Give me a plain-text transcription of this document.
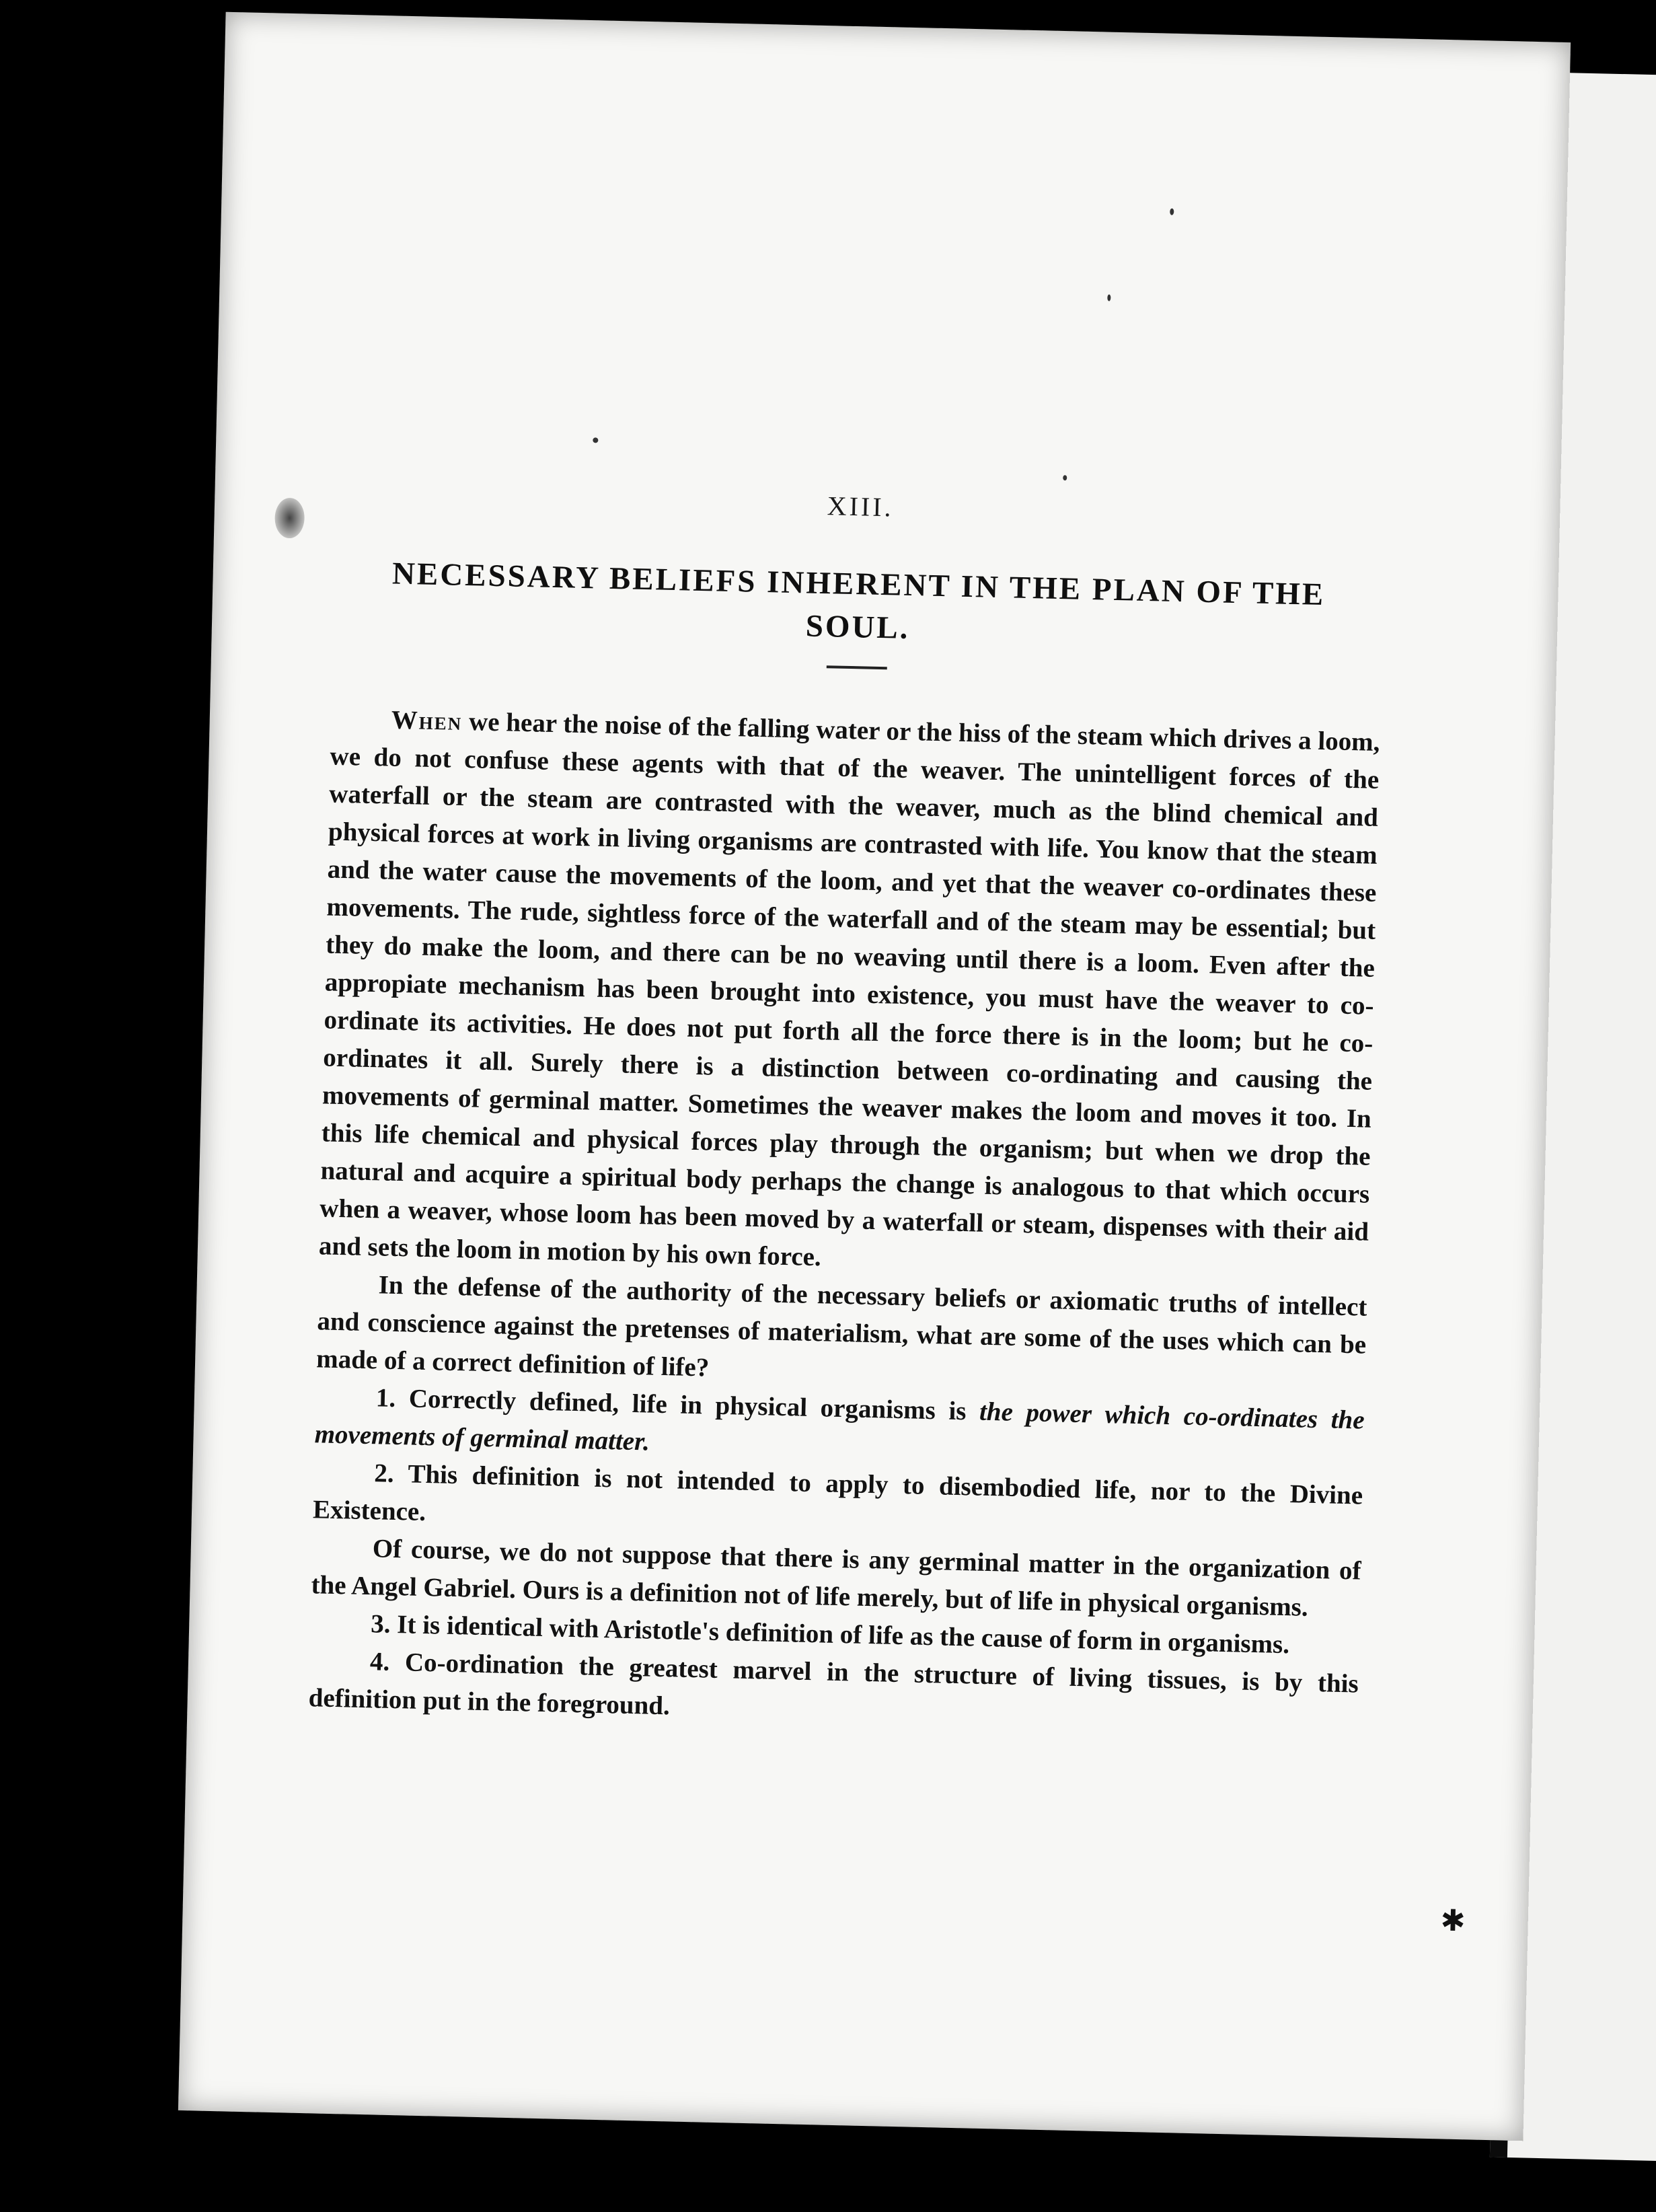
XIII.
NECESSARY BELIEFS INHERENT IN THE PLAN OF THE
SOUL.

When we hear the noise of the falling water or the hiss of the steam which drives a loom, we do not confuse these agents with that of the weaver. The unintelligent forces of the waterfall or the steam are contrasted with the weaver, much as the blind chemical and physical forces at work in living organisms are contrasted with life. You know that the steam and the water cause the movements of the loom, and yet that the weaver co-ordinates these movements. The rude, sightless force of the waterfall and of the steam may be essential; but they do make the loom, and there can be no weaving until there is a loom. Even after the appropiate mechanism has been brought into existence, you must have the weaver to co-ordinate its activities. He does not put forth all the force there is in the loom; but he co-ordinates it all. Surely there is a distinction between co-ordinating and causing the movements of germinal matter. Sometimes the weaver makes the loom and moves it too. In this life chemical and physical forces play through the organism; but when we drop the natural and acquire a spiritual body perhaps the change is analogous to that which occurs when a weaver, whose loom has been moved by a waterfall or steam, dispenses with their aid and sets the loom in motion by his own force.

In the defense of the authority of the necessary beliefs or axiomatic truths of intellect and conscience against the pretenses of materialism, what are some of the uses which can be made of a correct definition of life?

1. Correctly defined, life in physical organisms is the power which co-ordinates the movements of germinal matter.

2. This definition is not intended to apply to disembodied life, nor to the Divine Existence.

Of course, we do not suppose that there is any germinal matter in the organization of the Angel Gabriel. Ours is a definition not of life merely, but of life in physical organisms.

3. It is identical with Aristotle's definition of life as the cause of form in organisms.

4. Co-ordination the greatest marvel in the structure of living tissues, is by this definition put in the foreground.

✱
